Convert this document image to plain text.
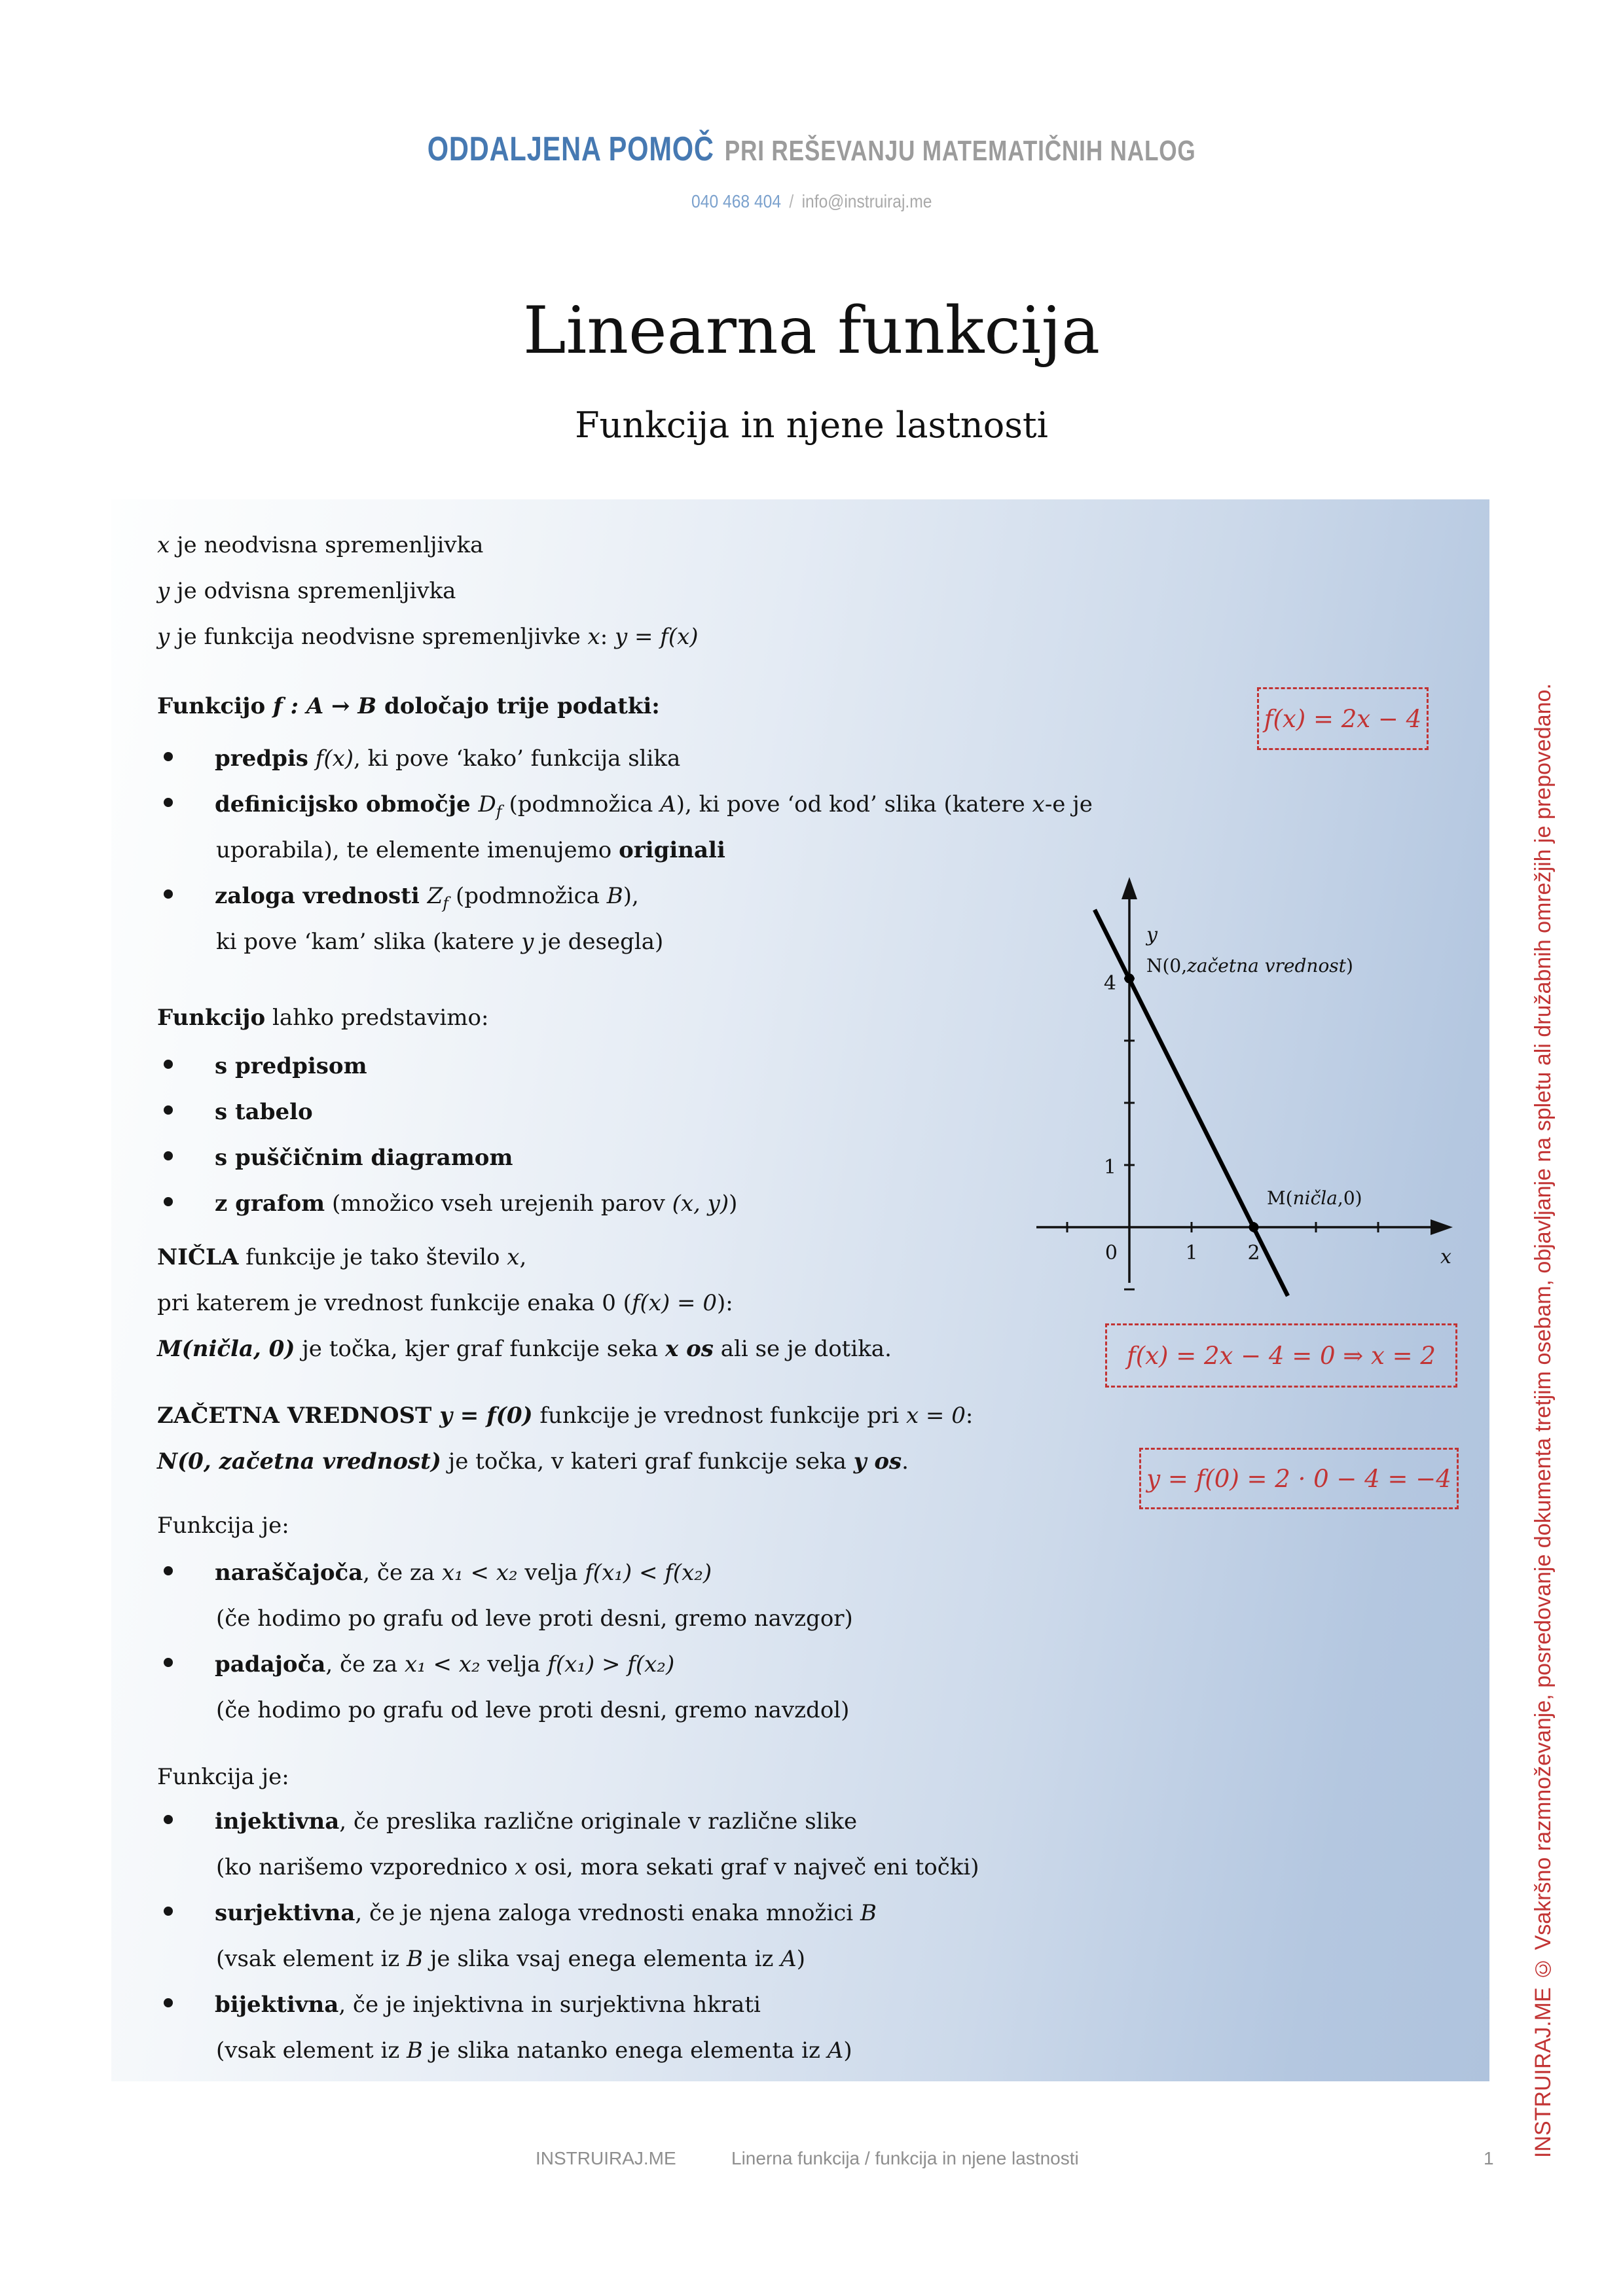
ODDALJENA POMOČ PRI REŠEVANJU MATEMATIČNIH NALOG
040 468 404 / info@instruiraj.me
Linearna funkcija
Funkcija in njene lastnosti
x je neodvisna spremenljivka
y je odvisna spremenljivka
y je funkcija neodvisne spremenljivke x: y = f(x)
Funkcijo f : A → B določajo trije podatki:
predpis f(x), ki pove ‘kako’ funkcija slika
definicijsko območje $D_f$ (podmnožica A), ki pove ‘od kod’ slika (katere x-e je
uporabila), te elemente imenujemo originali
zaloga vrednosti $Z_f$ (podmnožica B),
ki pove ‘kam’ slika (katere y je desegla)
Funkcijo lahko predstavimo:
s predpisom
s tabelo
s puščičnim diagramom
z grafom (množico vseh urejenih parov (x, y))
NIČLA funkcije je tako število x,
pri katerem je vrednost funkcije enaka 0 (f(x) = 0):
M(ničla, 0) je točka, kjer graf funkcije seka x os ali se je dotika.
ZAČETNA VREDNOST y = f(0) funkcije je vrednost funkcije pri x = 0:
N(0, začetna vrednost) je točka, v kateri graf funkcije seka y os.
Funkcija je:
naraščajoča, če za x₁ < x₂ velja f(x₁) < f(x₂)
(če hodimo po grafu od leve proti desni, gremo navzgor)
padajoča, če za x₁ < x₂ velja f(x₁) > f(x₂)
(če hodimo po grafu od leve proti desni, gremo navzdol)
Funkcija je:
injektivna, če preslika različne originale v različne slike
(ko narišemo vzporednico x osi, mora sekati graf v največ eni točki)
surjektivna, če je njena zaloga vrednosti enaka množici B
(vsak element iz B je slika vsaj enega elementa iz A)
bijektivna, če je injektivna in surjektivna hkrati
(vsak element iz B je slika natanko enega elementa iz A)
f(x) = 2x − 4
f(x) = 2x − 4 = 0 ⇒ x = 2
y = f(0) = 2 · 0 − 4 = −4
y
x
4
1
0	1	2
N(0,začetna vrednost)
M(ničla,0)	INSTRUIRAJ.ME © Vsakršno razmnoževanje, posredovanje dokumenta tretjim osebam, objavljanje na spletu ali družabnih omrežjih je prepovedano.
INSTRUIRAJ.ME	Linerna funkcija / funkcija in njene lastnosti	1
